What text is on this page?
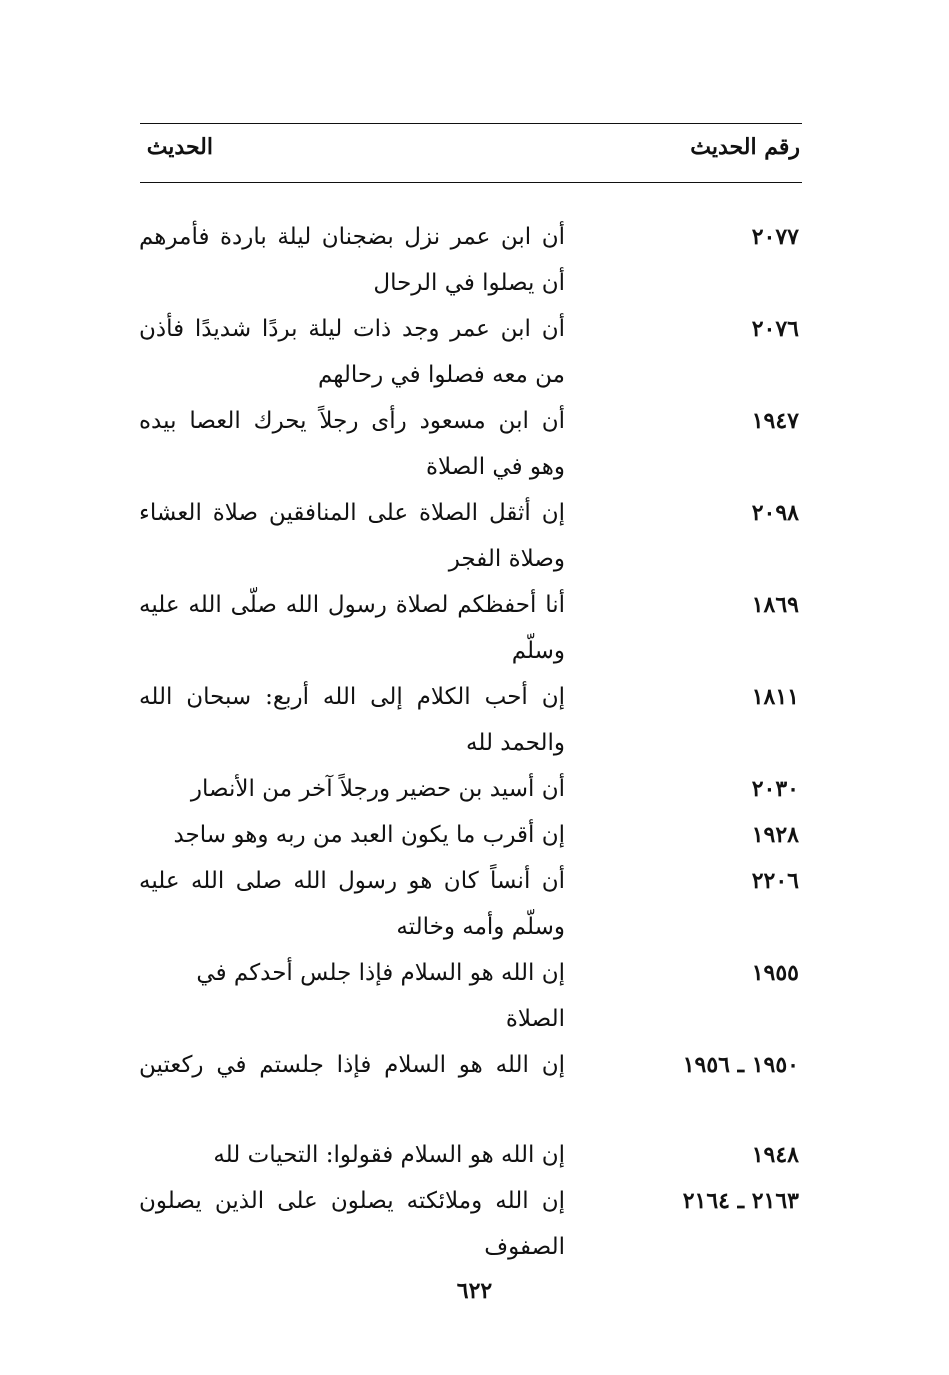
رقم الحديث
الحديث
٢٠٧٧
أن ابن عمر نزل بضجنان ليلة باردة فأمرهم أن يصلوا في الرحال
٢٠٧٦
أن ابن عمر وجد ذات ليلة بردًا شديدًا فأذن من معه فصلوا في رحالهم
١٩٤٧
أن ابن مسعود رأى رجلاً يحرك العصا بيده وهو في الصلاة
٢٠٩٨
إن أثقل الصلاة على المنافقين صلاة العشاء وصلاة الفجر
١٨٦٩
أنا أحفظكم لصلاة رسول الله صلّى الله عليه وسلّم
١٨١١
إن أحب الكلام إلى الله أربع: سبحان الله والحمد لله
٢٠٣٠
أن أسيد بن حضير ورجلاً آخر من الأنصار
١٩٢٨
إن أقرب ما يكون العبد من ربه وهو ساجد
٢٢٠٦
أن أنساً كان هو رسول الله صلى الله عليه وسلّم وأمه وخالته
١٩٥٥
إن الله هو السلام فإذا جلس أحدكم في الصلاة
١٩٥٠ ـ ١٩٥٦
إن الله هو السلام فإذا جلستم في ركعتين
١٩٤٨
إن الله هو السلام فقولوا: التحيات لله
٢١٦٣ ـ ٢١٦٤
إن الله وملائكته يصلون على الذين يصلون الصفوف
٦٢٢
